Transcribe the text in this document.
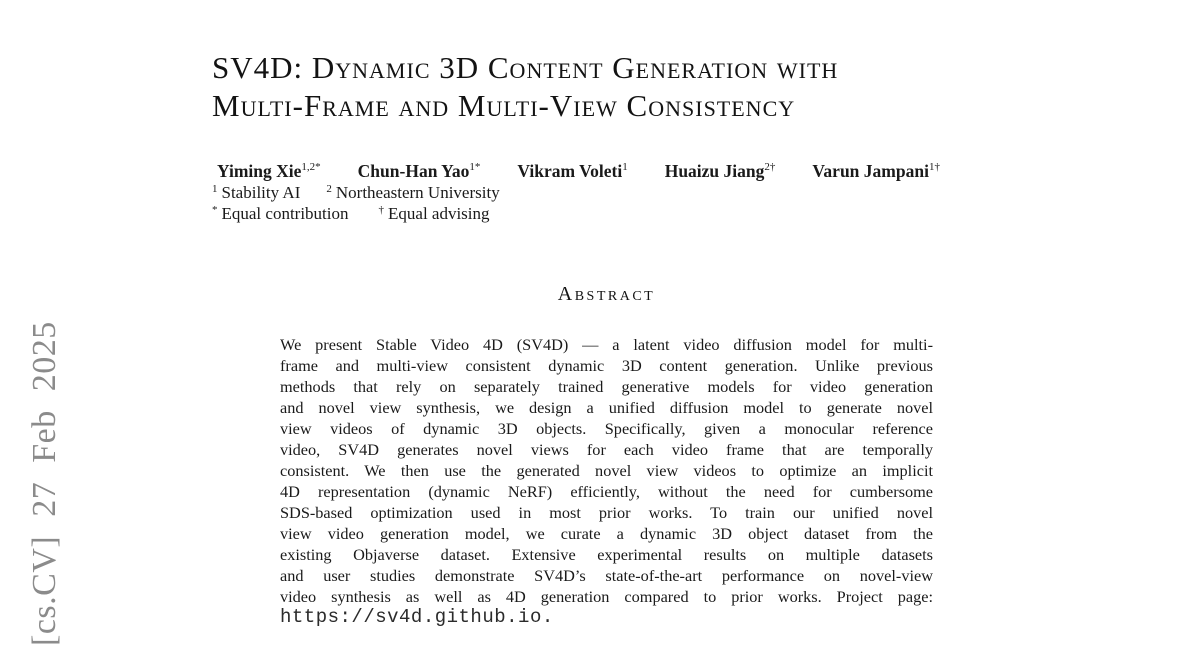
[cs.CV] 27 Feb 2025
SV4D: Dynamic 3D Content Generation with
Multi-Frame and Multi-View Consistency
Yiming Xie$^{1,2*}$ Chun-Han Yao$^{1*}$ Vikram Voleti$^1$ Huaizu Jiang$^{2\dagger}$ Varun Jampani$^{1\dagger}$
$^1$ Stability AI $^2$ Northeastern University
* Equal contribution	† Equal advising
Abstract
We present Stable Video 4D (SV4D) — a latent video diffusion model for multi-
frame and multi-view consistent dynamic 3D content generation. Unlike previous
methods that rely on separately trained generative models for video generation
and novel view synthesis, we design a unified diffusion model to generate novel
view videos of dynamic 3D objects. Specifically, given a monocular reference
video, SV4D generates novel views for each video frame that are temporally
consistent. We then use the generated novel view videos to optimize an implicit
4D representation (dynamic NeRF) efficiently, without the need for cumbersome
SDS-based optimization used in most prior works. To train our unified novel
view video generation model, we curate a dynamic 3D object dataset from the
existing Objaverse dataset. Extensive experimental results on multiple datasets
and user studies demonstrate SV4D’s state-of-the-art performance on novel-view
video synthesis as well as 4D generation compared to prior works. Project page:
https://sv4d.github.io.
